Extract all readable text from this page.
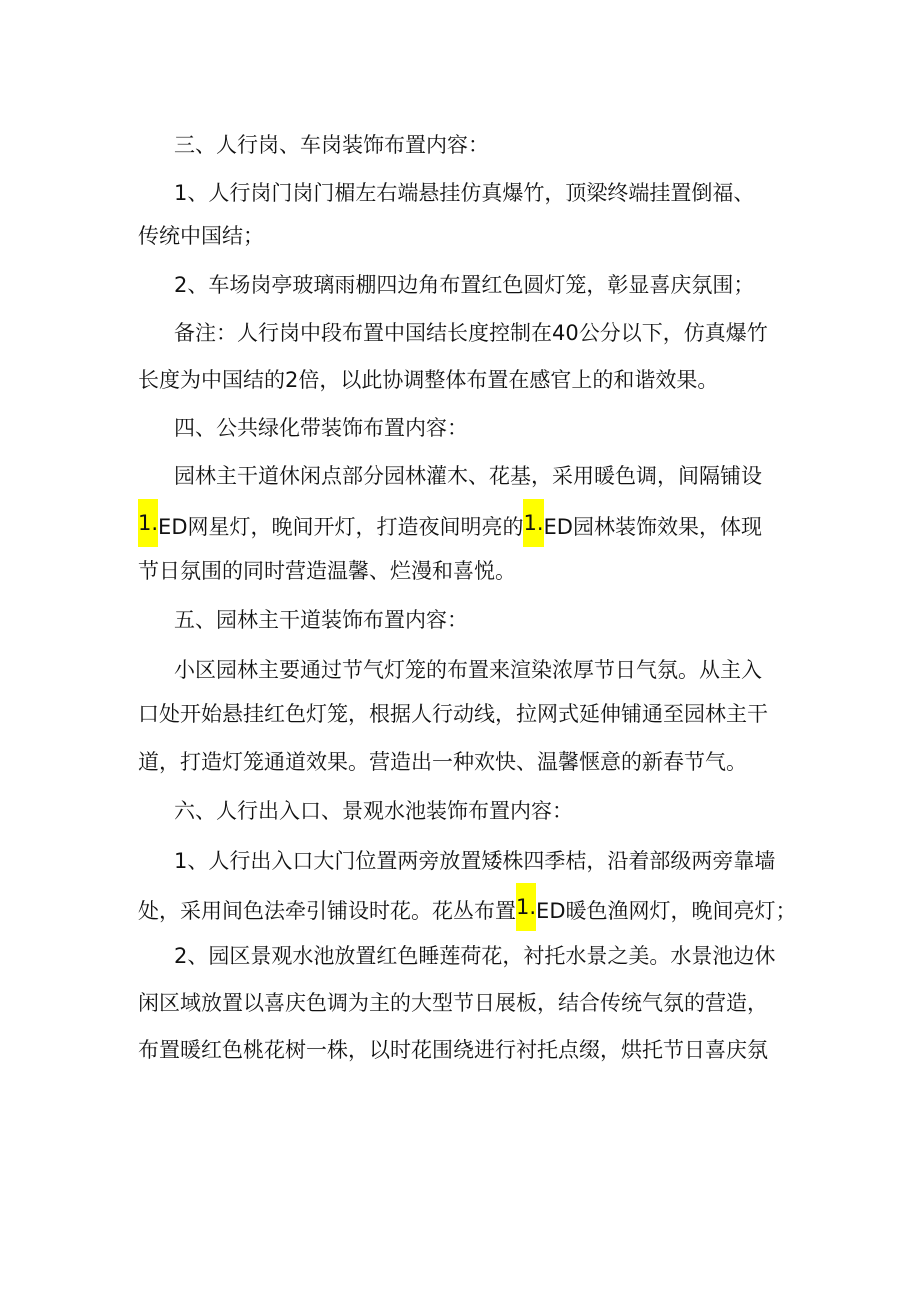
三、人行岗、车岗装饰布置内容：
1、人行岗门岗门楣左右端悬挂仿真爆竹，顶梁终端挂置倒福、
传统中国结；
2、车场岗亭玻璃雨棚四边角布置红色圆灯笼，彰显喜庆氛围；
备注：人行岗中段布置中国结长度控制在40公分以下，仿真爆竹
长度为中国结的2倍，以此协调整体布置在感官上的和谐效果。
四、公共绿化带装饰布置内容：
园林主干道休闲点部分园林灌木、花基，采用暖色调，间隔铺设
1.ED网星灯，晚间开灯，打造夜间明亮的1.ED园林装饰效果，体现
节日氛围的同时营造温馨、烂漫和喜悦。
五、园林主干道装饰布置内容：
小区园林主要通过节气灯笼的布置来渲染浓厚节日气氛。从主入
口处开始悬挂红色灯笼，根据人行动线，拉网式延伸铺通至园林主干
道，打造灯笼通道效果。营造出一种欢快、温馨惬意的新春节气。
六、人行出入口、景观水池装饰布置内容：
1、人行出入口大门位置两旁放置矮株四季桔，沿着部级两旁靠墙
处，采用间色法牵引铺设时花。花丛布置1.ED暖色渔网灯，晚间亮灯；
2、园区景观水池放置红色睡莲荷花，衬托水景之美。水景池边休
闲区域放置以喜庆色调为主的大型节日展板，结合传统气氛的营造，
布置暖红色桃花树一株，以时花围绕进行衬托点缀，烘托节日喜庆氛
